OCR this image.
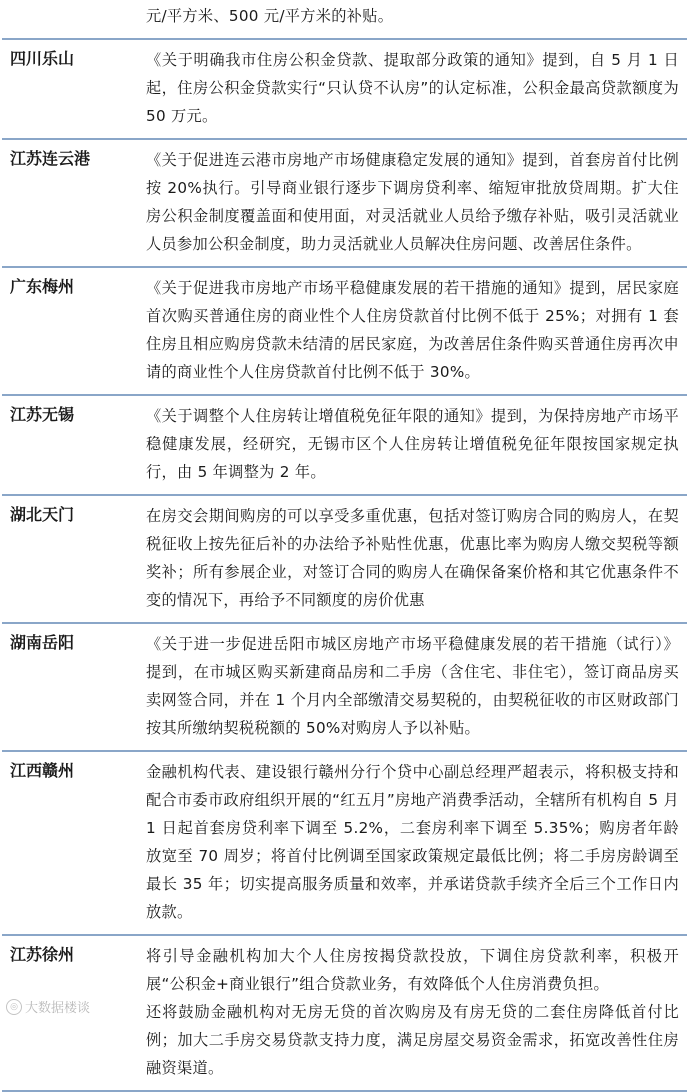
	元/平方米、500 元/平方米的补贴。

四川乐山	《关于明确我市住房公积金贷款、提取部分政策的通知》提到，自 5 月 1 日起，住房公积金贷款实行“只认贷不认房”的认定标准，公积金最高贷款额度为 50 万元。

江苏连云港	《关于促进连云港市房地产市场健康稳定发展的通知》提到，首套房首付比例按 20%执行。引导商业银行逐步下调房贷利率、缩短审批放贷周期。扩大住房公积金制度覆盖面和使用面，对灵活就业人员给予缴存补贴，吸引灵活就业人员参加公积金制度，助力灵活就业人员解决住房问题、改善居住条件。

广东梅州	《关于促进我市房地产市场平稳健康发展的若干措施的通知》提到，居民家庭首次购买普通住房的商业性个人住房贷款首付比例不低于 25%；对拥有 1 套住房且相应购房贷款未结清的居民家庭，为改善居住条件购买普通住房再次申请的商业性个人住房贷款首付比例不低于 30%。

江苏无锡	《关于调整个人住房转让增值税免征年限的通知》提到，为保持房地产市场平稳健康发展，经研究，无锡市区个人住房转让增值税免征年限按国家规定执行，由 5 年调整为 2 年。

湖北天门	在房交会期间购房的可以享受多重优惠，包括对签订购房合同的购房人，在契税征收上按先征后补的办法给予补贴性优惠，优惠比率为购房人缴交契税等额奖补；所有参展企业，对签订合同的购房人在确保备案价格和其它优惠条件不变的情况下，再给予不同额度的房价优惠

湖南岳阳	《关于进一步促进岳阳市城区房地产市场平稳健康发展的若干措施（试行）》提到，在市城区购买新建商品房和二手房（含住宅、非住宅），签订商品房买卖网签合同，并在 1 个月内全部缴清交易契税的，由契税征收的市区财政部门按其所缴纳契税税额的 50%对购房人予以补贴。

江西赣州	金融机构代表、建设银行赣州分行个贷中心副总经理严超表示，将积极支持和配合市委市政府组织开展的“红五月”房地产消费季活动，全辖所有机构自 5 月 1 日起首套房贷利率下调至 5.2%，二套房利率下调至 5.35%；购房者年龄放宽至 70 周岁；将首付比例调至国家政策规定最低比例；将二手房房龄调至最长 35 年；切实提高服务质量和效率，并承诺贷款手续齐全后三个工作日内放款。

江苏徐州	将引导金融机构加大个人住房按揭贷款投放，下调住房贷款利率，积极开展“公积金+商业银行”组合贷款业务，有效降低个人住房消费负担。
还将鼓励金融机构对无房无贷的首次购房及有房无贷的二套住房降低首付比例；加大二手房交易贷款支持力度，满足房屋交易资金需求，拓宽改善性住房融资渠道。
◎ 大数据楼谈
